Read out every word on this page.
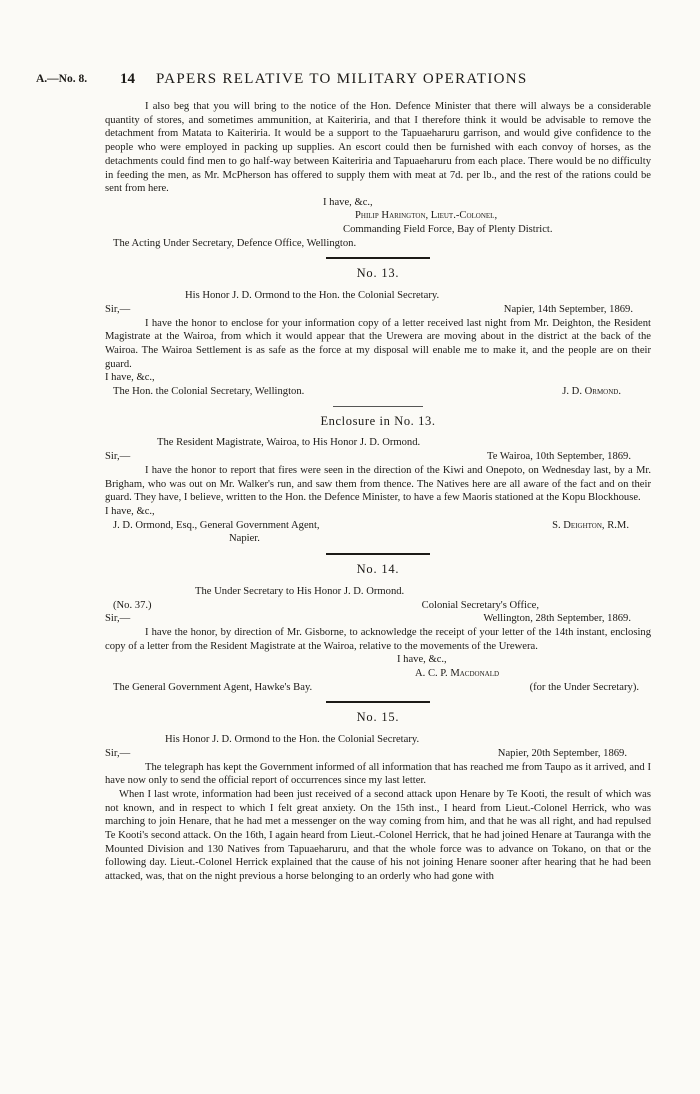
A.—No. 8. 14 PAPERS RELATIVE TO MILITARY OPERATIONS

I also beg that you will bring to the notice of the Hon. Defence Minister that there will always be a considerable quantity of stores, and sometimes ammunition, at Kaiteriria, and that I therefore think it would be advisable to remove the detachment from Matata to Kaiteriria. It would be a support to the Tapuaeharuru garrison, and would give confidence to the people who were employed in packing up supplies. An escort could then be furnished with each convoy of horses, as the detachments could find men to go half-way between Kaiteriria and Tapuaeharuru from each place. There would be no difficulty in feeding the men, as Mr. McPherson has offered to supply them with meat at 7d. per lb., and the rest of the rations could be sent from here.

I have, &c.,

Philip Harington, Lieut.-Colonel,

Commanding Field Force, Bay of Plenty District.

The Acting Under Secretary, Defence Office, Wellington.

No. 13.

His Honor J. D. Ormond to the Hon. the Colonial Secretary.

Sir,—	Napier, 14th September, 1869.

I have the honor to enclose for your information copy of a letter received last night from Mr. Deighton, the Resident Magistrate at the Wairoa, from which it would appear that the Urewera are moving about in the district at the back of the Wairoa. The Wairoa Settlement is as safe as the force at my disposal will enable me to make it, and the people are on their guard.

I have, &c.,

The Hon. the Colonial Secretary, Wellington.	J. D. Ormond.
Enclosure in No. 13.

The Resident Magistrate, Wairoa, to His Honor J. D. Ormond.

Sir,—	Te Wairoa, 10th September, 1869.

I have the honor to report that fires were seen in the direction of the Kiwi and Onepoto, on Wednesday last, by a Mr. Brigham, who was out on Mr. Walker's run, and saw them from thence. The Natives here are all aware of the fact and on their guard. They have, I believe, written to the Hon. the Defence Minister, to have a few Maoris stationed at the Kopu Blockhouse.

I have, &c.,

J. D. Ormond, Esq., General Government Agent,	S. Deighton, R.M.

Napier.

No. 14.

The Under Secretary to His Honor J. D. Ormond.

(No. 37.)	Colonial Secretary's Office,
Sir,—	Wellington, 28th September, 1869.

I have the honor, by direction of Mr. Gisborne, to acknowledge the receipt of your letter of the 14th instant, enclosing copy of a letter from the Resident Magistrate at the Wairoa, relative to the movements of the Urewera.

I have, &c.,

A. C. P. Macdonald

The General Government Agent, Hawke's Bay.	(for the Under Secretary).
No. 15.

His Honor J. D. Ormond to the Hon. the Colonial Secretary.

Sir,—	Napier, 20th September, 1869.

The telegraph has kept the Government informed of all information that has reached me from Taupo as it arrived, and I have now only to send the official report of occurrences since my last letter.

When I last wrote, information had been just received of a second attack upon Henare by Te Kooti, the result of which was not known, and in respect to which I felt great anxiety. On the 15th inst., I heard from Lieut.-Colonel Herrick, who was marching to join Henare, that he had met a messenger on the way coming from him, and that he was all right, and had repulsed Te Kooti's second attack. On the 16th, I again heard from Lieut.-Colonel Herrick, that he had joined Henare at Tauranga with the Mounted Division and 130 Natives from Tapuaeharuru, and that the whole force was to advance on Tokano, on that or the following day. Lieut.-Colonel Herrick explained that the cause of his not joining Henare sooner after hearing that he had been attacked, was, that on the night previous a horse belonging to an orderly who had gone with
